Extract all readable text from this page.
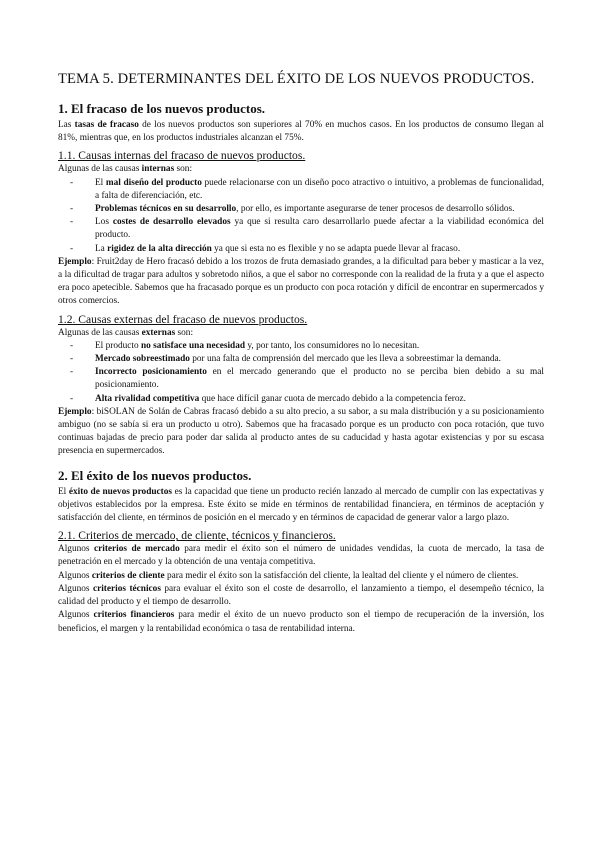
TEMA 5. DETERMINANTES DEL ÉXITO DE LOS NUEVOS PRODUCTOS.
1. El fracaso de los nuevos productos.

Las tasas de fracaso de los nuevos productos son superiores al 70% en muchos casos. En los productos de consumo llegan al 81%, mientras que, en los productos industriales alcanzan el 75%.

1.1. Causas internas del fracaso de nuevos productos.

Algunas de las causas internas son:

- El mal diseño del producto puede relacionarse con un diseño poco atractivo o intuitivo, a problemas de funcionalidad, a falta de diferenciación, etc.
- Problemas técnicos en su desarrollo, por ello, es importante asegurarse de tener procesos de desarrollo sólidos.
- Los costes de desarrollo elevados ya que si resulta caro desarrollarlo puede afectar a la viabilidad económica del producto.
- La rigidez de la alta dirección ya que si esta no es flexible y no se adapta puede llevar al fracaso.

Ejemplo: Fruit2day de Hero fracasó debido a los trozos de fruta demasiado grandes, a la dificultad para beber y masticar a la vez, a la dificultad de tragar para adultos y sobretodo niños, a que el sabor no corresponde con la realidad de la fruta y a que el aspecto era poco apetecible. Sabemos que ha fracasado porque es un producto con poca rotación y difícil de encontrar en supermercados y otros comercios.

1.2. Causas externas del fracaso de nuevos productos.

Algunas de las causas externas son:

- El producto no satisface una necesidad y, por tanto, los consumidores no lo necesitan.
- Mercado sobreestimado por una falta de comprensión del mercado que les lleva a sobreestimar la demanda.
- Incorrecto posicionamiento en el mercado generando que el producto no se perciba bien debido a su mal posicionamiento.
- Alta rivalidad competitiva que hace difícil ganar cuota de mercado debido a la competencia feroz.

Ejemplo: biSOLAN de Solán de Cabras fracasó debido a su alto precio, a su sabor, a su mala distribución y a su posicionamiento ambiguo (no se sabía si era un producto u otro). Sabemos que ha fracasado porque es un producto con poca rotación, que tuvo continuas bajadas de precio para poder dar salida al producto antes de su caducidad y hasta agotar existencias y por su escasa presencia en supermercados.

2. El éxito de los nuevos productos.

El éxito de nuevos productos es la capacidad que tiene un producto recién lanzado al mercado de cumplir con las expectativas y objetivos establecidos por la empresa. Este éxito se mide en términos de rentabilidad financiera, en términos de aceptación y satisfacción del cliente, en términos de posición en el mercado y en términos de capacidad de generar valor a largo plazo.

2.1. Criterios de mercado, de cliente, técnicos y financieros.

Algunos criterios de mercado para medir el éxito son el número de unidades vendidas, la cuota de mercado, la tasa de penetración en el mercado y la obtención de una ventaja competitiva.

Algunos criterios de cliente para medir el éxito son la satisfacción del cliente, la lealtad del cliente y el número de clientes.

Algunos criterios técnicos para evaluar el éxito son el coste de desarrollo, el lanzamiento a tiempo, el desempeño técnico, la calidad del producto y el tiempo de desarrollo.

Algunos criterios financieros para medir el éxito de un nuevo producto son el tiempo de recuperación de la inversión, los beneficios, el margen y la rentabilidad económica o tasa de rentabilidad interna.
